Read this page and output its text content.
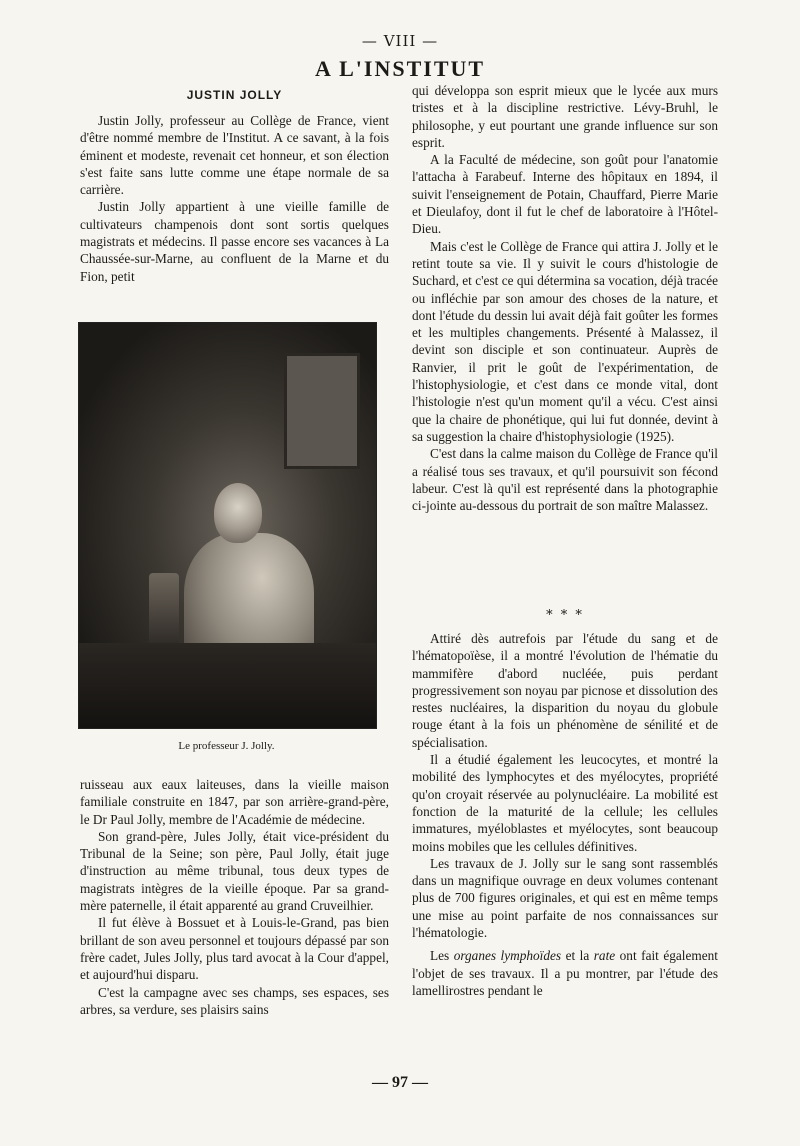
— VIII —
A L'INSTITUT
JUSTIN JOLLY

Justin Jolly, professeur au Collège de France, vient d'être nommé membre de l'Institut. A ce savant, à la fois éminent et modeste, revenait cet honneur, et son élection s'est faite sans lutte comme une étape normale de sa carrière.

Justin Jolly appartient à une vieille famille de cultivateurs champenois dont sont sortis quelques magistrats et médecins. Il passe encore ses vacances à La Chaussée-sur-Marne, au confluent de la Marne et du Fion, petit

Le professeur J. Jolly.

ruisseau aux eaux laiteuses, dans la vieille maison familiale construite en 1847, par son arrière-grand-père, le Dr Paul Jolly, membre de l'Académie de médecine.

Son grand-père, Jules Jolly, était vice-président du Tribunal de la Seine; son père, Paul Jolly, était juge d'instruction au même tribunal, tous deux types de magistrats intègres de la vieille époque. Par sa grand-mère paternelle, il était apparenté au grand Cruveilhier.

Il fut élève à Bossuet et à Louis-le-Grand, pas bien brillant de son aveu personnel et toujours dépassé par son frère cadet, Jules Jolly, plus tard avocat à la Cour d'appel, et aujourd'hui disparu.

C'est la campagne avec ses champs, ses espaces, ses arbres, sa verdure, ses plaisirs sains

qui développa son esprit mieux que le lycée aux murs tristes et à la discipline restrictive. Lévy-Bruhl, le philosophe, y eut pourtant une grande influence sur son esprit.

A la Faculté de médecine, son goût pour l'anatomie l'attacha à Farabeuf. Interne des hôpitaux en 1894, il suivit l'enseignement de Potain, Chauffard, Pierre Marie et Dieulafoy, dont il fut le chef de laboratoire à l'Hôtel-Dieu.

Mais c'est le Collège de France qui attira J. Jolly et le retint toute sa vie. Il y suivit le cours d'histologie de Suchard, et c'est ce qui détermina sa vocation, déjà tracée ou infléchie par son amour des choses de la nature, et dont l'étude du dessin lui avait déjà fait goûter les formes et les multiples changements. Présenté à Malassez, il devint son disciple et son continuateur. Auprès de Ranvier, il prit le goût de l'expérimentation, de l'histophysiologie, et c'est dans ce monde vital, dont l'histologie n'est qu'un moment qu'il a vécu. C'est ainsi que la chaire de phonétique, qui lui fut donnée, devint à sa suggestion la chaire d'histophysiologie (1925).

C'est dans la calme maison du Collège de France qu'il a réalisé tous ses travaux, et qu'il poursuivit son fécond labeur. C'est là qu'il est représenté dans la photographie ci-jointe au-dessous du portrait de son maître Malassez.

* * *

Attiré dès autrefois par l'étude du sang et de l'hématopoïèse, il a montré l'évolution de l'hématie du mammifère d'abord nucléée, puis perdant progressivement son noyau par picnose et dissolution des restes nucléaires, la disparition du noyau du globule rouge étant à la fois un phénomène de sénilité et de spécialisation.

Il a étudié également les leucocytes, et montré la mobilité des lymphocytes et des myélocytes, propriété qu'on croyait réservée au polynucléaire. La mobilité est fonction de la maturité de la cellule; les cellules immatures, myéloblastes et myélocytes, sont beaucoup moins mobiles que les cellules définitives.

Les travaux de J. Jolly sur le sang sont rassemblés dans un magnifique ouvrage en deux volumes contenant plus de 700 figures originales, et qui est en même temps une mise au point parfaite de nos connaissances sur l'hématologie.

Les organes lymphoïdes et la rate ont fait également l'objet de ses travaux. Il a pu montrer, par l'étude des lamellirostres pendant le

— 97 —
